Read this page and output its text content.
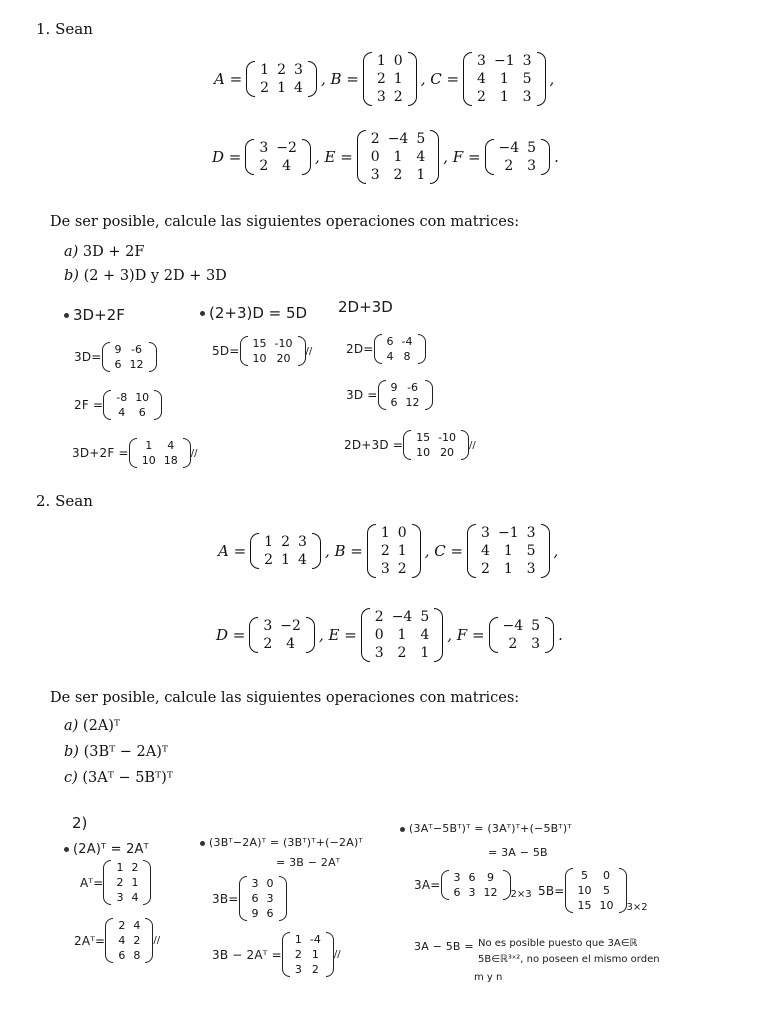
1. Sean
A = 1	2	3
2	1	4 , B =
1	0
2	1
3	2
, C =
3	−1	3
4	1	5
2	1	3
,
D = 3	−2
2	4 , E =
2	−4	5
0	1	4
3	2	1
, F = −4	5
2	3 .
De ser posible, calcule las siguientes operaciones con matrices:
a) 3D + 2F
b) (2 + 3)D y 2D + 3D
3D+2F	(2+3)D = 5D 2D+3D
3D=
9	-6
6	12
2F =
-8	10
4	6
3D+2F =
1	4
10	18
//
5D=
15	-10
10	20
//	2D=
6	-4
4	8
3D =
9	-6
6	12
2D+3D =
15	-10
10	20
//
2. Sean
A = 1	2	3
2	1	4 , B =
1	0
2	1
3	2
, C =
3	−1	3
4	1	5
2	1	3
,
D = 3	−2
2	4 , E =
2	−4	5
0	1	4
3	2	1
, F = −4	5
2	3 .
De ser posible, calcule las siguientes operaciones con matrices:
a) (2A)ᵀ
b) (3Bᵀ − 2A)ᵀ
c) (3Aᵀ − 5Bᵀ)ᵀ
2)
(2A)ᵀ = 2Aᵀ
Aᵀ=
1	2
2	1
3	4
2Aᵀ=
2	4
4	2
6	8
//
(3Bᵀ−2A)ᵀ = (3Bᵀ)ᵀ+(−2A)ᵀ
= 3B − 2Aᵀ
3B=
3	0
6	3
9	6
3B − 2Aᵀ =
1	-4
2	1
3	2
//
(3Aᵀ−5Bᵀ)ᵀ = (3Aᵀ)ᵀ+(−5Bᵀ)ᵀ
= 3A − 5B
3A=
3	6	9
6	3	12 2×3 5B=
5	0
10	5
15	10 3×2
3A − 5B = No es posible puesto que 3A∈ℝ
5B∈ℝ³ˣ², no poseen el mismo orden
m y n
